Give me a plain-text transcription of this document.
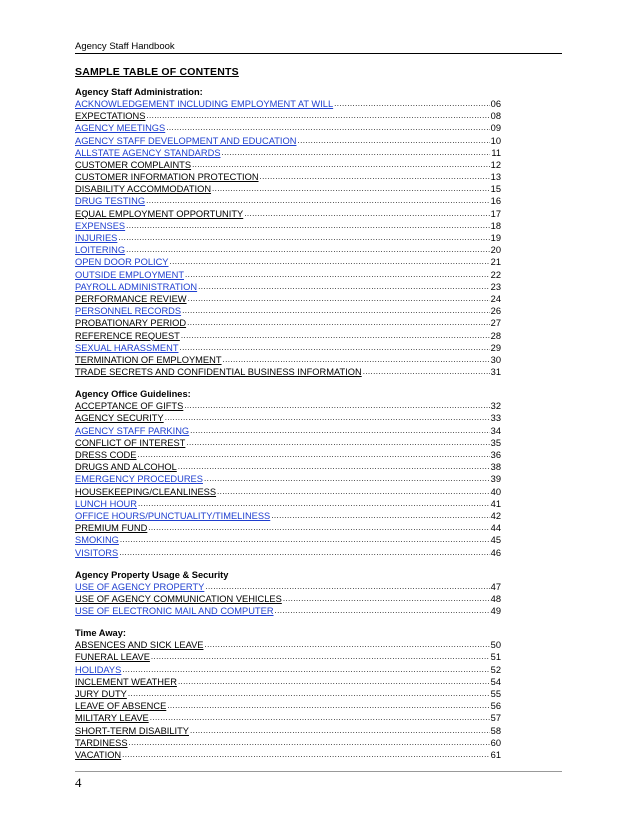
Agency Staff Handbook
SAMPLE TABLE OF CONTENTS
Agency Staff Administration:
ACKNOWLEDGEMENT INCLUDING EMPLOYMENT AT WILL .....	06
EXPECTATIONS .....	08
AGENCY MEETINGS .....	09
AGENCY STAFF DEVELOPMENT AND EDUCATION .....	10
ALLSTATE AGENCY STANDARDS .....	11
CUSTOMER COMPLAINTS .....	12
CUSTOMER INFORMATION PROTECTION .....	13
DISABILITY ACCOMMODATION .....	15
DRUG TESTING .....	16
EQUAL EMPLOYMENT OPPORTUNITY .....	17
EXPENSES .....	18
INJURIES .....	19
LOITERING .....	20
OPEN DOOR POLICY .....	21
OUTSIDE EMPLOYMENT .....	22
PAYROLL ADMINISTRATION .....	23
PERFORMANCE REVIEW .....	24
PERSONNEL RECORDS .....	26
PROBATIONARY PERIOD .....	27
REFERENCE REQUEST .....	28
SEXUAL HARASSMENT .....	29
TERMINATION OF EMPLOYMENT .....	30
TRADE SECRETS AND CONFIDENTIAL BUSINESS INFORMATION .....	31
Agency Office Guidelines:
ACCEPTANCE OF GIFTS .....	32
AGENCY SECURITY .....	33
AGENCY STAFF PARKING .....	34
CONFLICT OF INTEREST .....	35
DRESS CODE .....	36
DRUGS AND ALCOHOL .....	38
EMERGENCY PROCEDURES .....	39
HOUSEKEEPING/CLEANLINESS .....	40
LUNCH HOUR .....	41
OFFICE HOURS/PUNCTUALITY/TIMELINESS .....	42
PREMIUM FUND .....	44
SMOKING .....	45
VISITORS .....	46
Agency Property Usage & Security
USE OF AGENCY PROPERTY .....	47
USE OF AGENCY COMMUNICATION VEHICLES .....	48
USE OF ELECTRONIC MAIL AND COMPUTER .....	49
Time Away:
ABSENCES AND SICK LEAVE .....	50
FUNERAL LEAVE .....	51
HOLIDAYS .....	52
INCLEMENT WEATHER .....	54
JURY DUTY .....	55
LEAVE OF ABSENCE .....	56
MILITARY LEAVE .....	57
SHORT-TERM DISABILITY .....	58
TARDINESS .....	60
VACATION .....	61
4
